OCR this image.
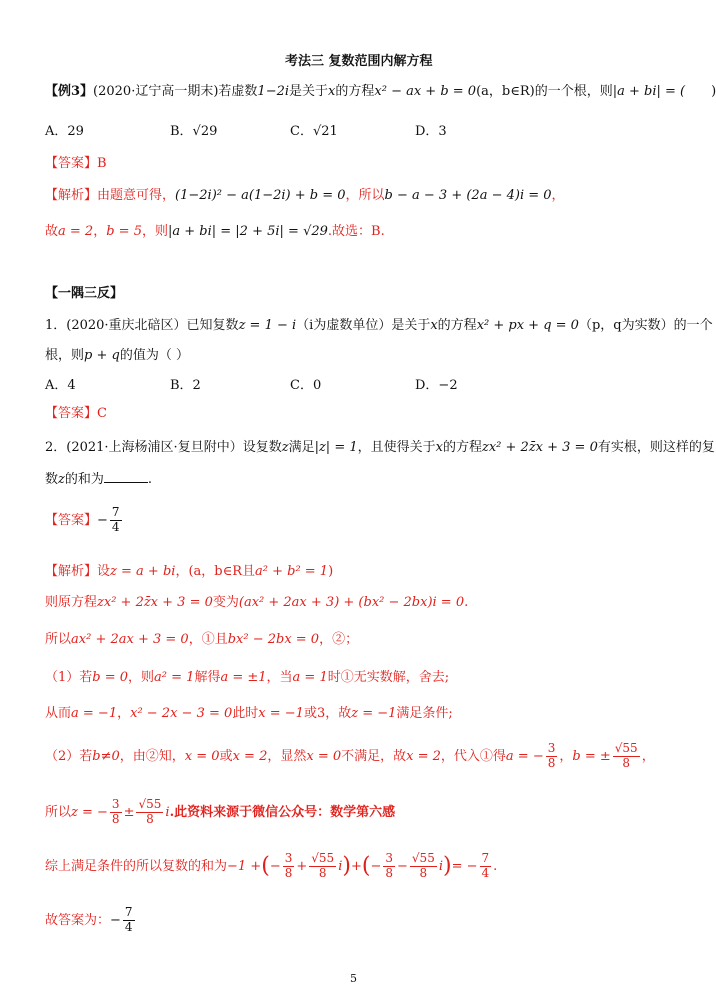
考法三 复数范围内解方程
【例3】(2020·辽宁高一期末)若虚数1−2i是关于x的方程x² − ax + b = 0(a，b∈R)的一个根，则|a + bi| = ( )
A．29	B．√29	C．√21	D．3
【答案】B
【解析】由题意可得，(1−2i)² − a(1−2i) + b = 0，所以b − a − 3 + (2a − 4)i = 0，
故a = 2，b = 5，则|a + bi| = |2 + 5i| = √29.故选：B.
【一隅三反】
1．(2020·重庆北碚区）已知复数z = 1 − i（i为虚数单位）是关于x的方程x² + px + q = 0（p，q为实数）的一个
根，则p + q的值为（ ）
A．4	B．2	C．0	D．−2
【答案】C
2．(2021·上海杨浦区·复旦附中）设复数z满足|z| = 1，且使得关于x的方程zx² + 2z̄x + 3 = 0有实根，则这样的复
数z的和为	.
【答案】− $\frac{7}{4}$
【解析】设z = a + bi，(a，b∈R且a² + b² = 1)
则原方程zx² + 2z̄x + 3 = 0变为(ax² + 2ax + 3) + (bx² − 2bx)i = 0.
所以ax² + 2ax + 3 = 0，①且bx² − 2bx = 0，②；
（1）若b = 0，则a² = 1解得a = ±1，当a = 1时①无实数解，舍去;
从而a = −1，x² − 2x − 3 = 0此时x = −1或3，故z = −1满足条件;
（2）若b≠0，由②知，x = 0或x = 2，显然x = 0不满足，故x = 2，代入①得a = − $\frac{3}{8}$ ，b = ± $\frac{√55}{8}$ ，
所以z = − $\frac{3}{8} \pm \frac{√55}{8} i$.此资料来源于微信公众号：数学第六感
综上满足条件的所以复数的和为−1 +(− $\frac{3}{8} + \frac{√55}{8} i)+(- \frac{3}{8} - \frac{√55}{8} i)= - \frac{7}{4}$ .
故答案为：− $\frac{7}{4}$
5
